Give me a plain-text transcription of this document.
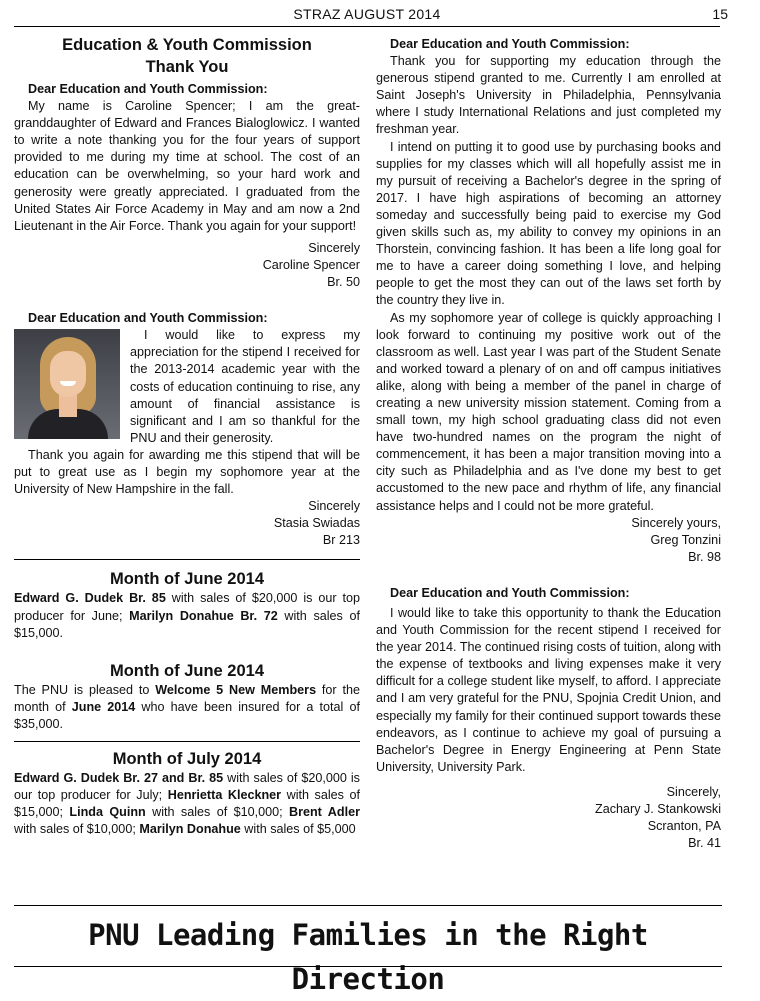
STRAZ AUGUST 2014	15
Education & Youth Commission
Thank You

Dear Education and Youth Commission:

My name is Caroline Spencer; I am the great-granddaughter of Edward and Frances Bialoglowicz. I wanted to write a note thanking you for the four years of support provided to me during my time at school. The cost of an education can be overwhelming, so your hard work and generosity were greatly appreciated. I graduated from the United States Air Force Academy in May and am now a 2nd Lieutenant in the Air Force. Thank you again for your support!

Sincerely

Caroline Spencer

Br. 50

Dear Education and Youth Commission:

I would like to express my appreciation for the stipend I received for the 2013-2014 academic year with the costs of education continuing to rise, any amount of financial assistance is significant and I am so thankful for the PNU and their generosity.

Thank you again for awarding me this stipend that will be put to great use as I begin my sophomore year at the University of New Hampshire in the fall.

Sincerely

Stasia Swiadas

Br 213

Month of June 2014

Edward G. Dudek Br. 85 with sales of $20,000 is our top producer for June; Marilyn Donahue Br. 72 with sales of $15,000.

Month of June 2014

The PNU is pleased to Welcome 5 New Members for the month of June 2014 who have been insured for a total of $35,000.

Month of July 2014

Edward G. Dudek Br. 27 and Br. 85 with sales of $20,000 is our top producer for July; Henrietta Kleckner with sales of $15,000; Linda Quinn with sales of $10,000; Brent Adler with sales of $10,000; Marilyn Donahue with sales of $5,000

Dear Education and Youth Commission:

Thank you for supporting my education through the generous stipend granted to me. Currently I am enrolled at Saint Joseph's University in Philadelphia, Pennsylvania where I study International Relations and just completed my freshman year.

I intend on putting it to good use by purchasing books and supplies for my classes which will all hopefully assist me in my pursuit of receiving a Bachelor's degree in the spring of 2017. I have high aspirations of becoming an attorney someday and successfully being paid to exercise my God given skills such as, my ability to convey my opinions in an Thorstein, convincing fashion. It has been a life long goal for me to have a career doing something I love, and helping people to get the most they can out of the laws set forth by the country they live in.

As my sophomore year of college is quickly approaching I look forward to continuing my positive work out of the classroom as well. Last year I was part of the Student Senate and worked toward a plenary of on and off campus initiatives alike, along with being a member of the panel in charge of creating a new university mission statement. Coming from a small town, my high school graduating class did not even have two-hundred names on the program the night of commencement, it has been a major transition moving into a city such as Philadelphia and as I've done my best to get accustomed to the new pace and rhythm of life, any financial assistance helps and I could not be more grateful.

Sincerely yours,

Greg Tonzini

Br. 98

Dear Education and Youth Commission:

I would like to take this opportunity to thank the Education and Youth Commission for the recent stipend I received for the year 2014. The continued rising costs of tuition, along with the expense of textbooks and living expenses make it very difficult for a college student like myself, to afford. I appreciate and I am very grateful for the PNU, Spojnia Credit Union, and especially my family for their continued support towards these endeavors, as I continue to achieve my goal of pursuing a Bachelor's Degree in Energy Engineering at Penn State University, University Park.

Sincerely,

Zachary J. Stankowski

Scranton, PA

Br. 41

PNU Leading Families in the Right Direction
